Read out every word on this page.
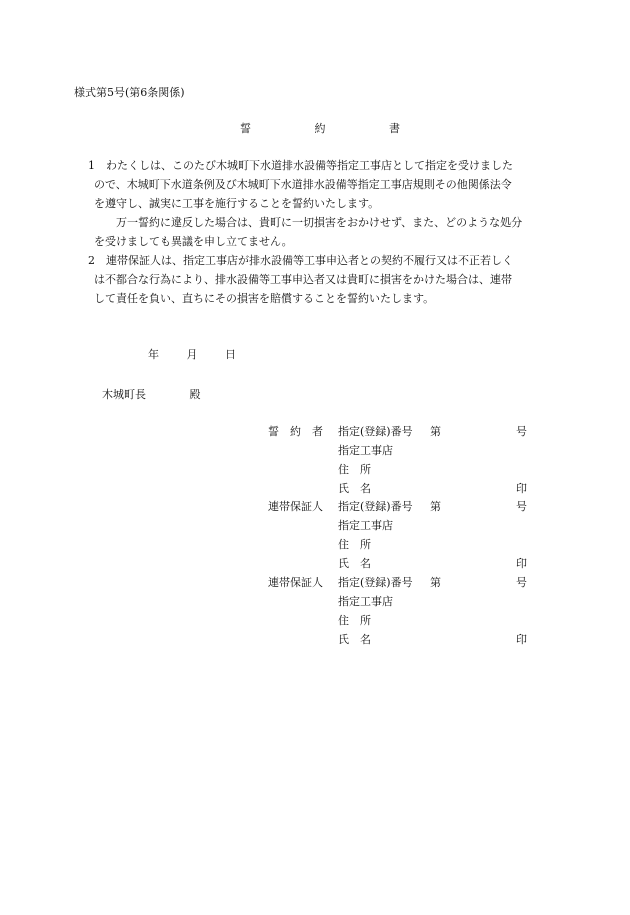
様式第5号(第6条関係)
誓	約	書
1　わたくしは、このたび木城町下水道排水設備等指定工事店として指定を受けました
ので、木城町下水道条例及び木城町下水道排水設備等指定工事店規則その他関係法令
を遵守し、誠実に工事を施行することを誓約いたします。
万一誓約に違反した場合は、貴町に一切損害をおかけせず、また、どのような処分
を受けましても異議を申し立てません。
2　連帯保証人は、指定工事店が排水設備等工事申込者との契約不履行又は不正若しく
は不都合な行為により、排水設備等工事申込者又は貴町に損害をかけた場合は、連帯
して責任を負い、直ちにその損害を賠償することを誓約いたします。
年	月	日
木城町長	殿
誓　約　者 指定(登録)番号 第	号
指定工事店
住　所
氏　名	印
連帯保証人 指定(登録)番号 第	号
指定工事店
住　所
氏　名	印
連帯保証人 指定(登録)番号 第	号
指定工事店
住　所
氏　名	印
